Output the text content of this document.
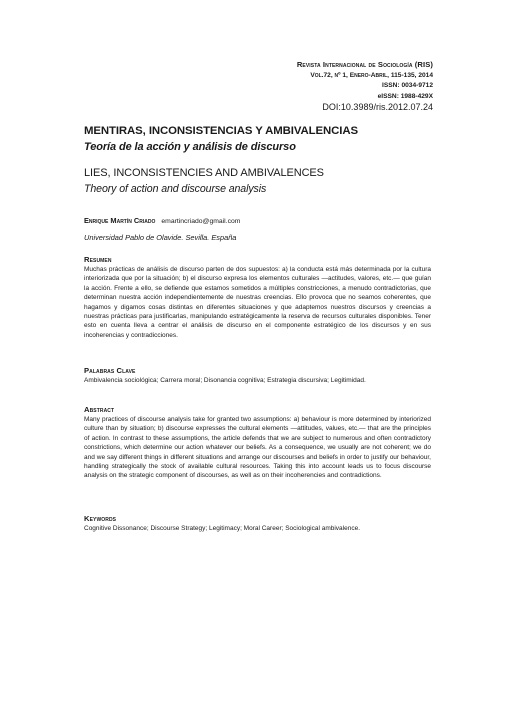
Revista Internacional de Sociología (RIS)
Vol.72, nº 1, Enero-Abril, 115-135, 2014
ISSN: 0034-9712
eISSN: 1988-429X
DOI:10.3989/ris.2012.07.24
MENTIRAS, INCONSISTENCIAS Y AMBIVALENCIAS
Teoría de la acción y análisis de discurso
LIES, INCONSISTENCIES AND AMBIVALENCES
Theory of action and discourse analysis
Enrique Martín Criado emartincriado@gmail.com
Universidad Pablo de Olavide. Sevilla. España
Resumen
Muchas prácticas de análisis de discurso parten de dos supuestos: a) la conducta está más determinada por la cultura interiorizada que por la situación; b) el discurso expresa los elementos culturales —actitudes, valores, etc.— que guían la acción. Frente a ello, se defiende que estamos sometidos a múltiples constricciones, a menudo contradictorias, que determinan nuestra acción independientemente de nuestras creencias. Ello provoca que no seamos coherentes, que hagamos y digamos cosas distintas en diferentes situaciones y que adaptemos nuestros discursos y creencias a nuestras prácticas para justificarlas, manipulando estratégicamente la reserva de recursos culturales disponibles. Tener esto en cuenta lleva a centrar el análisis de discurso en el componente estratégico de los discursos y en sus incoherencias y contradicciones.
Palabras Clave
Ambivalencia sociológica; Carrera moral; Disonancia cognitiva; Estrategia discursiva; Legitimidad.
Abstract
Many practices of discourse analysis take for granted two assumptions: a) behaviour is more determined by interiorized culture than by situation; b) discourse expresses the cultural elements —attitudes, values, etc.— that are the principles of action. In contrast to these assumptions, the article defends that we are subject to numerous and often contradictory constrictions, which determine our action whatever our beliefs. As a consequence, we usually are not coherent; we do and we say different things in different situations and arrange our discourses and beliefs in order to justify our behaviour, handling strategically the stock of available cultural resources. Taking this into account leads us to focus discourse analysis on the strategic component of discourses, as well as on their incoherencies and contradictions.
Keywords
Cognitive Dissonance; Discourse Strategy; Legitimacy; Moral Career; Sociological ambivalence.
